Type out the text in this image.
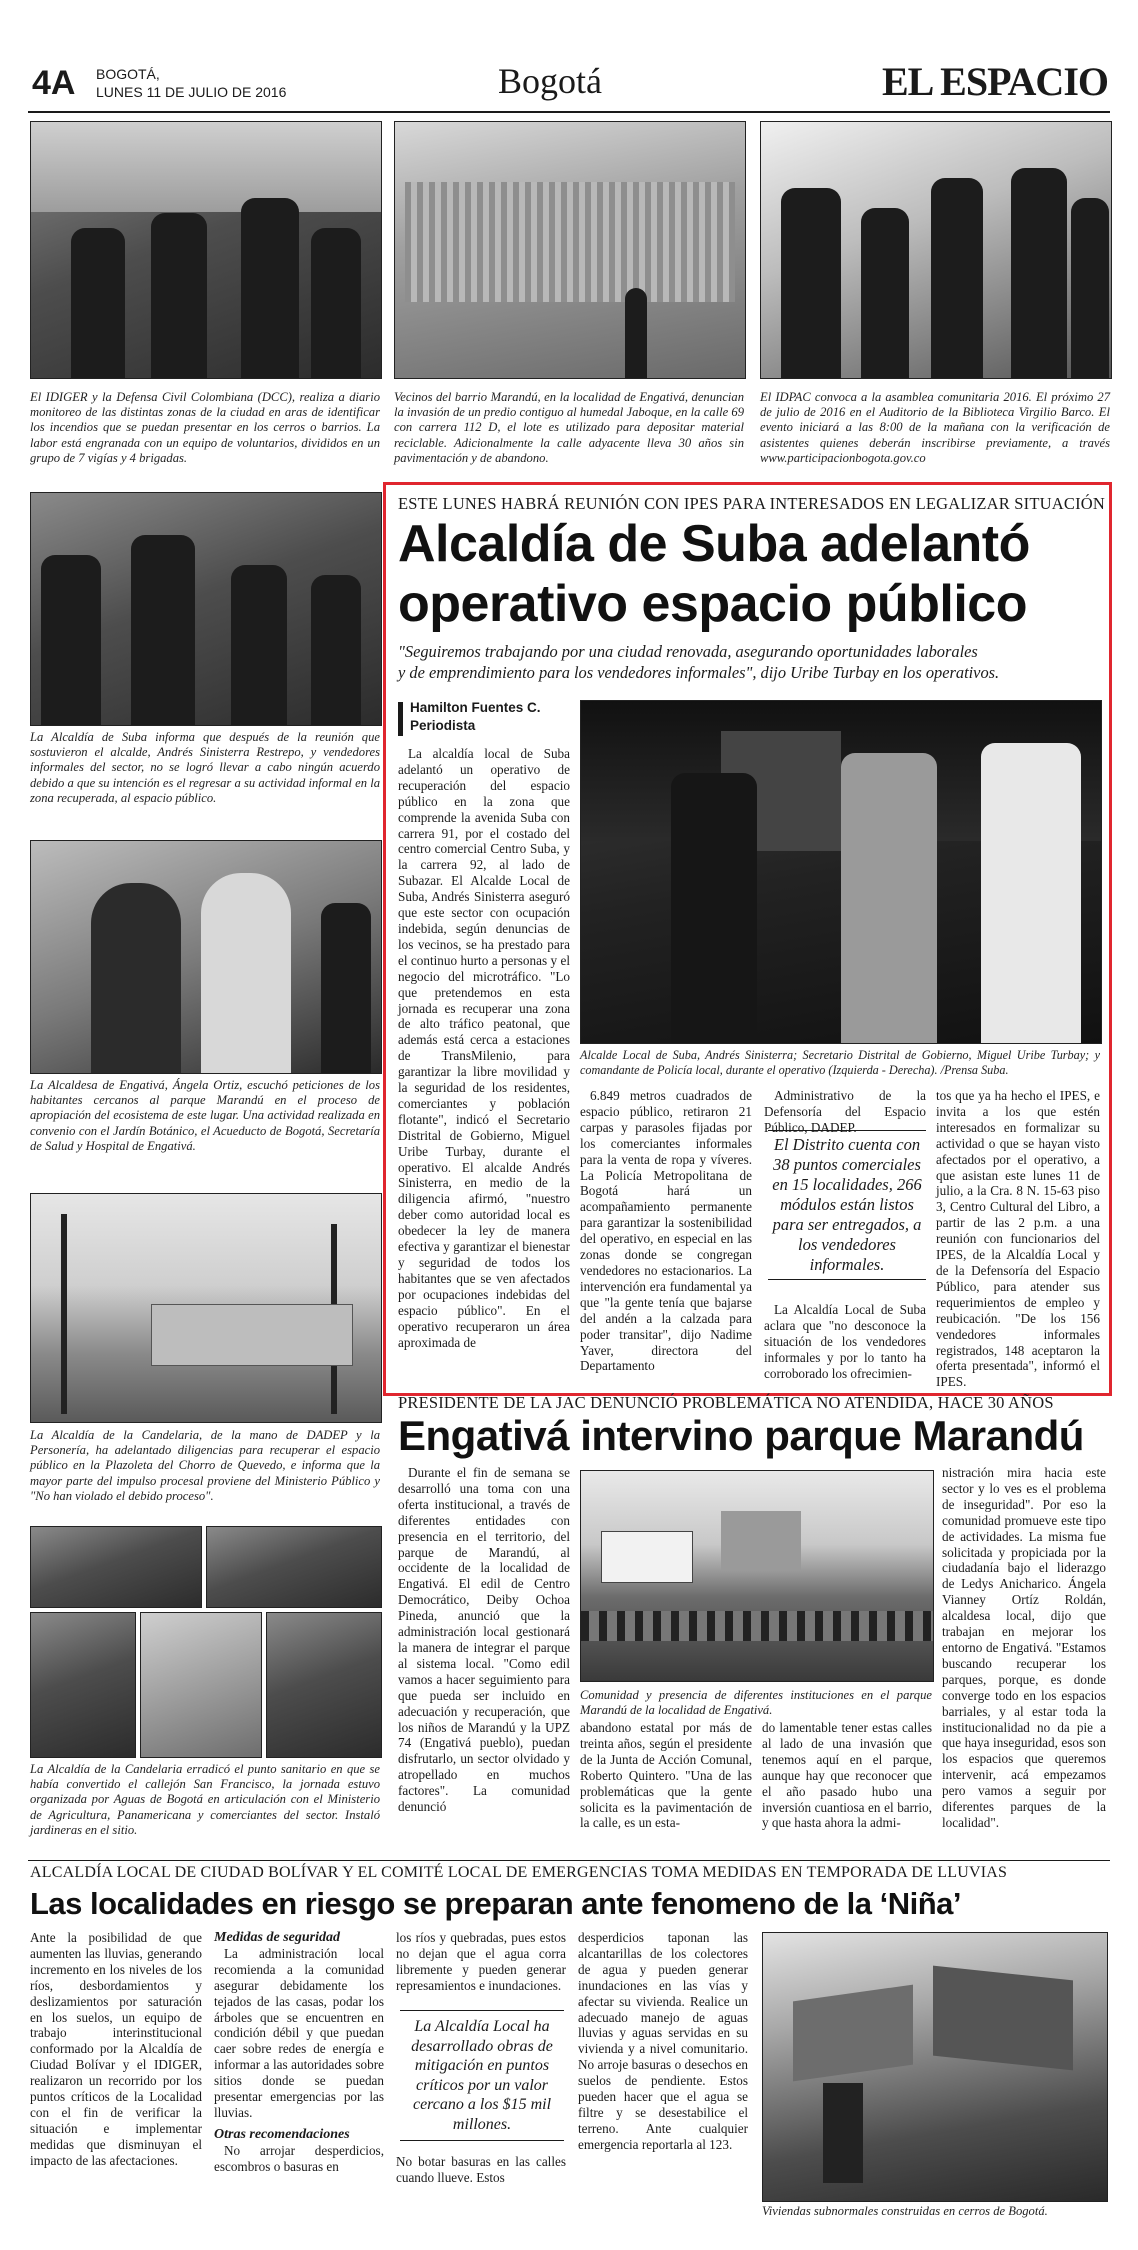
4A BOGOTÁ,
LUNES 11 DE JULIO DE 2016	Bogotá	EL ESPACIO

El IDIGER y la Defensa Civil Colombiana (DCC), realiza a diario monitoreo de las distintas zonas de la ciudad en aras de identificar los incendios que se puedan presentar en los cerros o barrios. La labor está engranada con un equipo de voluntarios, divididos en un grupo de 7 vigías y 4 brigadas.

Vecinos del barrio Marandú, en la localidad de Engativá, denuncian la invasión de un predio contiguo al humedal Jaboque, en la calle 69 con carrera 112 D, el lote es utilizado para depositar material reciclable. Adicionalmente la calle adyacente lleva 30 años sin pavimentación y de abandono.

El IDPAC convoca a la asamblea comunitaria 2016. El próximo 27 de julio de 2016 en el Auditorio de la Biblioteca Virgilio Barco. El evento iniciará a las 8:00 de la mañana con la verificación de asistentes quienes deberán inscribirse previamente, a través www.participacionbogota.gov.co

La Alcaldía de Suba informa que después de la reunión que sostuvieron el alcalde, Andrés Sinisterra Restrepo, y vendedores informales del sector, no se logró llevar a cabo ningún acuerdo debido a que su intención es el regresar a su actividad informal en la zona recuperada, al espacio público.

La Alcaldesa de Engativá, Ángela Ortiz, escuchó peticiones de los habitantes cercanos al parque Marandú en el proceso de apropiación del ecosistema de este lugar. Una actividad realizada en convenio con el Jardín Botánico, el Acueducto de Bogotá, Secretaría de Salud y Hospital de Engativá.

La Alcaldía de la Candelaria, de la mano de DADEP y la Personería, ha adelantado diligencias para recuperar el espacio público en la Plazoleta del Chorro de Quevedo, e informa que la mayor parte del impulso procesal proviene del Ministerio Público y "No han violado el debido proceso".

La Alcaldía de la Candelaria erradicó el punto sanitario en que se había convertido el callejón San Francisco, la jornada estuvo organizada por Aguas de Bogotá en articulación con el Ministerio de Agricultura, Panamericana y comerciantes del sector. Instaló jardineras en el sitio.

ESTE LUNES HABRÁ REUNIÓN CON IPES PARA INTERESADOS EN LEGALIZAR SITUACIÓN
Alcaldía de Suba adelantó
operativo espacio público
"Seguiremos trabajando por una ciudad renovada, asegurando oportunidades laborales
y de emprendimiento para los vendedores informales", dijo Uribe Turbay en los operativos.
Hamilton Fuentes C.
Periodista

Alcalde Local de Suba, Andrés Sinisterra; Secretario Distrital de Gobierno, Miguel Uribe Turbay; y comandante de Policía local, durante el operativo (Izquierda - Derecha). /Prensa Suba.

La alcaldía local de Suba adelantó un operativo de recuperación del espacio público en la zona que comprende la avenida Suba con carrera 91, por el costado del centro comercial Centro Suba, y la carrera 92, al lado de Subazar. El Alcalde Local de Suba, Andrés Sinisterra aseguró que este sector con ocupación indebida, según denuncias de los vecinos, se ha prestado para el continuo hurto a personas y el negocio del microtráfico. "Lo que pretendemos en esta jornada es recuperar una zona de alto tráfico peatonal, que además está cerca a estaciones de TransMilenio, para garantizar la libre movilidad y la seguridad de los residentes, comerciantes y población flotante", indicó el Secretario Distrital de Gobierno, Miguel Uribe Turbay, durante el operativo. El alcalde Andrés Sinisterra, en medio de la diligencia afirmó, "nuestro deber como autoridad local es obedecer la ley de manera efectiva y garantizar el bienestar y seguridad de todos los habitantes que se ven afectados por ocupaciones indebidas del espacio público". En el operativo recuperaron un área aproximada de

6.849 metros cuadrados de espacio público, retiraron 21 carpas y parasoles fijadas por los comerciantes informales para la venta de ropa y víveres. La Policía Metropolitana de Bogotá hará un acompañamiento permanente para garantizar la sostenibilidad del operativo, en especial en las zonas donde se congregan vendedores no estacionarios. La intervención era fundamental ya que "la gente tenía que bajarse del andén a la calzada para poder transitar", dijo Nadime Yaver, directora del Departamento

Administrativo de la Defensoría del Espacio Público, DADEP.

El Distrito cuenta con 38 puntos comerciales en 15 localidades, 266 módulos están listos para ser entregados, a los vendedores informales.

La Alcaldía Local de Suba aclara que "no desconoce la situación de los vendedores informales y por lo tanto ha corroborado los ofrecimien-

tos que ya ha hecho el IPES, e invita a los que estén interesados en formalizar su actividad o que se hayan visto afectados por el operativo, a que asistan este lunes 11 de julio, a la Cra. 8 N. 15-63 piso 3, Centro Cultural del Libro, a partir de las 2 p.m. a una reunión con funcionarios del IPES, de la Alcaldía Local y de la Defensoría del Espacio Público, para atender sus requerimientos de empleo y reubicación. "De los 156 vendedores informales registrados, 148 aceptaron la oferta presentada", informó el IPES.

PRESIDENTE DE LA JAC DENUNCIÓ PROBLEMÁTICA NO ATENDIDA, HACE 30 AÑOS
Engativá intervino parque Marandú

Durante el fin de semana se desarrolló una toma con una oferta institucional, a través de diferentes entidades con presencia en el territorio, del parque de Marandú, al occidente de la localidad de Engativá. El edil de Centro Democrático, Deiby Ochoa Pineda, anunció que la administración local gestionará la manera de integrar el parque al sistema local. "Como edil vamos a hacer seguimiento para que pueda ser incluido en adecuación y recuperación, que los niños de Marandú y la UPZ 74 (Engativá pueblo), puedan disfrutarlo, un sector olvidado y atropellado en muchos factores". La comunidad denunció

Comunidad y presencia de diferentes instituciones en el parque Marandú de la localidad de Engativá.

abandono estatal por más de treinta años, según el presidente de la Junta de Acción Comunal, Roberto Quintero. "Una de las problemáticas que la gente solicita es la pavimentación de la calle, es un esta-

do lamentable tener estas calles al lado de una invasión que tenemos aquí en el parque, aunque hay que reconocer que el año pasado hubo una inversión cuantiosa en el barrio, y que hasta ahora la admi-

nistración mira hacia este sector y lo ves es el problema de inseguridad". Por eso la comunidad promueve este tipo de actividades. La misma fue solicitada y propiciada por la ciudadanía bajo el liderazgo de Ledys Anicharico. Ángela Vianney Ortíz Roldán, alcaldesa local, dijo que trabajan en mejorar los entorno de Engativá. "Estamos buscando recuperar los parques, porque, es donde converge todo en los espacios barriales, y al estar toda la institucionalidad no da pie a que haya inseguridad, esos son los espacios que queremos intervenir, acá empezamos pero vamos a seguir por diferentes parques de la localidad".

ALCALDÍA LOCAL DE CIUDAD BOLÍVAR Y EL COMITÉ LOCAL DE EMERGENCIAS TOMA MEDIDAS EN TEMPORADA DE LLUVIAS
Las localidades en riesgo se preparan ante fenomeno de la ‘Niña’

Ante la posibilidad de que aumenten las lluvias, generando incremento en los niveles de los ríos, desbordamientos y deslizamientos por saturación en los suelos, un equipo de trabajo interinstitucional conformado por la Alcaldía de Ciudad Bolívar y el IDIGER, realizaron un recorrido por los puntos críticos de la Localidad con el fin de verificar la situación e implementar medidas que disminuyan el impacto de las afectaciones.

Medidas de seguridad

La administración local recomienda a la comunidad asegurar debidamente los tejados de las casas, podar los árboles que se encuentren en condición débil y que puedan caer sobre redes de energía e informar a las autoridades sobre sitios donde se puedan presentar emergencias por las lluvias.

Otras recomendaciones

No arrojar desperdicios, escombros o basuras en

los ríos y quebradas, pues estos no dejan que el agua corra libremente y pueden generar represamientos e inundaciones.

La Alcaldía Local ha desarrollado obras de mitigación en puntos críticos por un valor cercano a los $15 mil millones.

No botar basuras en las calles cuando llueve. Estos

desperdicios taponan las alcantarillas de los colectores de agua y pueden generar inundaciones en las vías y afectar su vivienda. Realice un adecuado manejo de aguas lluvias y aguas servidas en su vivienda y a nivel comunitario. No arroje basuras o desechos en suelos de pendiente. Estos pueden hacer que el agua se filtre y se desestabilice el terreno. Ante cualquier emergencia reportarla al 123.

Viviendas subnormales construidas en cerros de Bogotá.
